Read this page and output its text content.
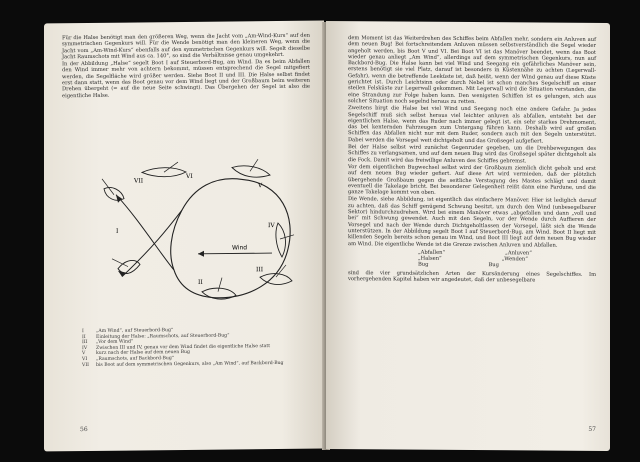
Für die Halse benötigt man den größeren Weg, wenn die Jacht vom „Am-Wind-Kurs“ auf den symmetrischen Gegenkurs will. Für die Wende benötigt man den kleineren Weg, wenn die Jacht vom „Am-Wind-Kurs“ ebenfalls auf den symmetrischen Gegenkurs will. Segelt dieselbe Jacht Raumschots mit Wind aus ca. 140°, so sind die Verhältnisse genau umgekehrt.

In der Abbildung „Halse“ segelt Boot I auf Steuerbord-Bug, am Wind. Da es beim Abfallen den Wind immer mehr von achtern bekommt, müssen entsprechend die Segel mitgefiert werden, die Segelfläche wird größer werden. Siehe Boot II und III. Die Halse selbst findet erst dann statt, wenn das Boot genau vor dem Wind liegt und der Großbaum beim weiteren Drehen übergeht (= auf die neue Seite schwingt). Das Übergehen der Segel ist also die eigentliche Halse.

Wind
VII
I
VI
V
IV
III
II
I	„Am Wind“, auf Steuerbord-Bug“
II	Einleitung der Halse: „Raumschots, auf Steuerbord-Bug“
III	„Vor dem Wind“
IV	Zwischen III und IV, genau vor dem Wind findet die eigentliche Halse statt
V	kurz nach der Halse auf dem neuen Bug
VI	„Raumschots, auf Backbord-Bug“
VII	bis Boot auf dem symmetrischen Gegenkurs, also „Am Wind“, auf Backbord-Bug
56

dem Moment ist das Weiterdrehen des Schiffes beim Abfallen mehr, sondern ein Anluven auf dem neuen Bug! Bei fortschreitendem Anluven müssen selbstverständlich die Segel wieder angeholt werden, bis Boot V und VI. Bei Boot VI ist das Manöver beendet, wenn das Boot wieder genau anliegt „Am Wind“, allerdings auf dem symmetrischen Gegenkurs, nun auf Backbord-Bug. Die Halse kann bei viel Wind und Seegang ein gefährliches Manöver sein, erstens benötigt sie viel Platz, darauf ist besonders in Küstennähe zu achten (Legerwall-Gefahr), wenn die betreffende Leeküste ist, daß heißt, wenn der Wind genau auf diese Küste gerichtet ist. Durch Leichtsinn oder durch Nebel ist schon manches Segelschiff an einer steilen Felsküste zur Legerwall gekommen. Mit Legerwall wird die Situation verstanden, die eine Strandung zur Folge haben kann. Den wenigsten Schiffen ist es gelungen, sich aus solcher Situation noch segelnd heraus zu retten.

Zweitens birgt die Halse bei viel Wind und Seegang noch eine andere Gefahr. Ja jedes Segelschiff muß sich selbst heraus viel leichter anluven als abfallen, entsteht bei der eigentlichen Halse, wenn das Ruder nach immer gelegt ist, ein sehr starkes Drehmoment, das bei kenternden Fahrzeugen zum Untergang führen kann. Deshalb wird auf großen Schiffen das Abfallen nicht nur mit dem Ruder, sondern auch mit den Segeln unterstützt. Dabei werden die Vorsegel weit dichtgeholt und das Großsegel aufgefiert.

Bei der Halse selbst wird zunächst Gegenruder gegeben, um die Drehbewegungen des Schiffes zu verlangsamen, und auf dem neuen Bug wird das Großsegel später dichtgeholt als die Fock. Damit wird das freiwillige Anluven des Schiffes gebremst.

Vor dem eigentlichen Bugwechsel selbst wird der Großbaum ziemlich dicht geholt und erst auf dem neuen Bug wieder gefiert. Auf diese Art wird vermieden, daß der plötzlich übergehende Großbaum gegen die seitliche Verstagung des Mastes schlägt und damit eventuell die Takelage bricht. Bei besonderer Gelegenheit reißt dann eine Pardune, und die ganze Takelage kommt von oben.

Die Wende, siehe Abbildung, ist eigentlich das einfachere Manöver. Hier ist lediglich darauf zu achten, daß das Schiff genügend Schwung besitzt, um durch den Wind (unbesegelbarer Sektor) hindurchzudrehen. Wird bei einem Manöver etwas „abgefallen und dann „voll und bei“ mit Schwung gewendet. Auch mit den Segeln, vor der Wende durch Auffieren der Vorsegel und nach der Wende durch Dichtgeholtlassen der Vorsegel, läßt sich die Wende unterstützen. In der Abbildung segelt Boot I auf Steuerbord-Bug, am Wind. Boot II liegt mit killenden Segeln bereits schon genau im Wind, und Boot III liegt auf dem neuen Bug wieder am Wind. Die eigentliche Wende ist die Grenze zwischen Anluven und Abfallen.

„Abfallen“	„Anluven“
„Halsen“	„Wenden“
Bug	Bug

sind die vier grundsätzlichen Arten der Kursänderung eines Segelschiffes. Im vorhergehenden Kapitel haben wir angedeutet, daß der unbesegelbare

57
